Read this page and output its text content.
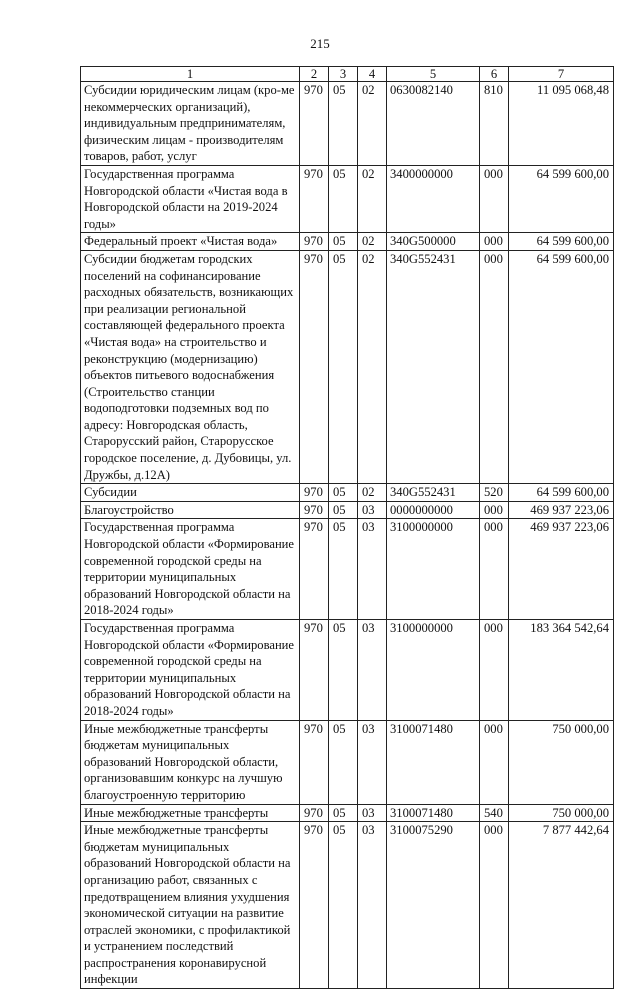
215
1	2	3	4	5	6	7
Субсидии юридическим лицам (кро-ме некоммерческих организаций), индивидуальным предпринимателям, физическим лицам - производителям товаров, работ, услуг	970	05	02	0630082140	810	11 095 068,48
Государственная программа Новгородской области «Чистая вода в Новгородской области на 2019-2024 годы»	970	05	02	3400000000	000	64 599 600,00
Федеральный проект «Чистая вода»	970	05	02	340G500000	000	64 599 600,00
Субсидии бюджетам городских поселений на софинансирование расходных обязательств, возникающих при реализации региональной составляющей федерального проекта «Чистая вода» на строительство и реконструкцию (модернизацию) объектов питьевого водоснабжения (Строительство станции водоподготовки подземных вод по адресу: Новгородская область, Старорусский район, Старорусское городское поселение, д. Дубовицы, ул. Дружбы, д.12А)	970	05	02	340G552431	000	64 599 600,00
Субсидии	970	05	02	340G552431	520	64 599 600,00
Благоустройство	970	05	03	0000000000	000	469 937 223,06
Государственная программа Новгородской области «Формирование современной городской среды на территории муниципальных образований Новгородской области на 2018-2024 годы»	970	05	03	3100000000	000	469 937 223,06
Государственная программа Новгородской области «Формирование современной городской среды на территории муниципальных образований Новгородской области на 2018-2024 годы»	970	05	03	3100000000	000	183 364 542,64
Иные межбюджетные трансферты бюджетам муниципальных образований Новгородской области, организовавшим конкурс на лучшую благоустроенную территорию	970	05	03	3100071480	000	750 000,00
Иные межбюджетные трансферты	970	05	03	3100071480	540	750 000,00
Иные межбюджетные трансферты бюджетам муниципальных образований Новгородской области на организацию работ, связанных с предотвращением влияния ухудшения экономической ситуации на развитие отраслей экономики, с профилактикой и устранением последствий распространения коронавирусной инфекции	970	05	03	3100075290	000	7 877 442,64
